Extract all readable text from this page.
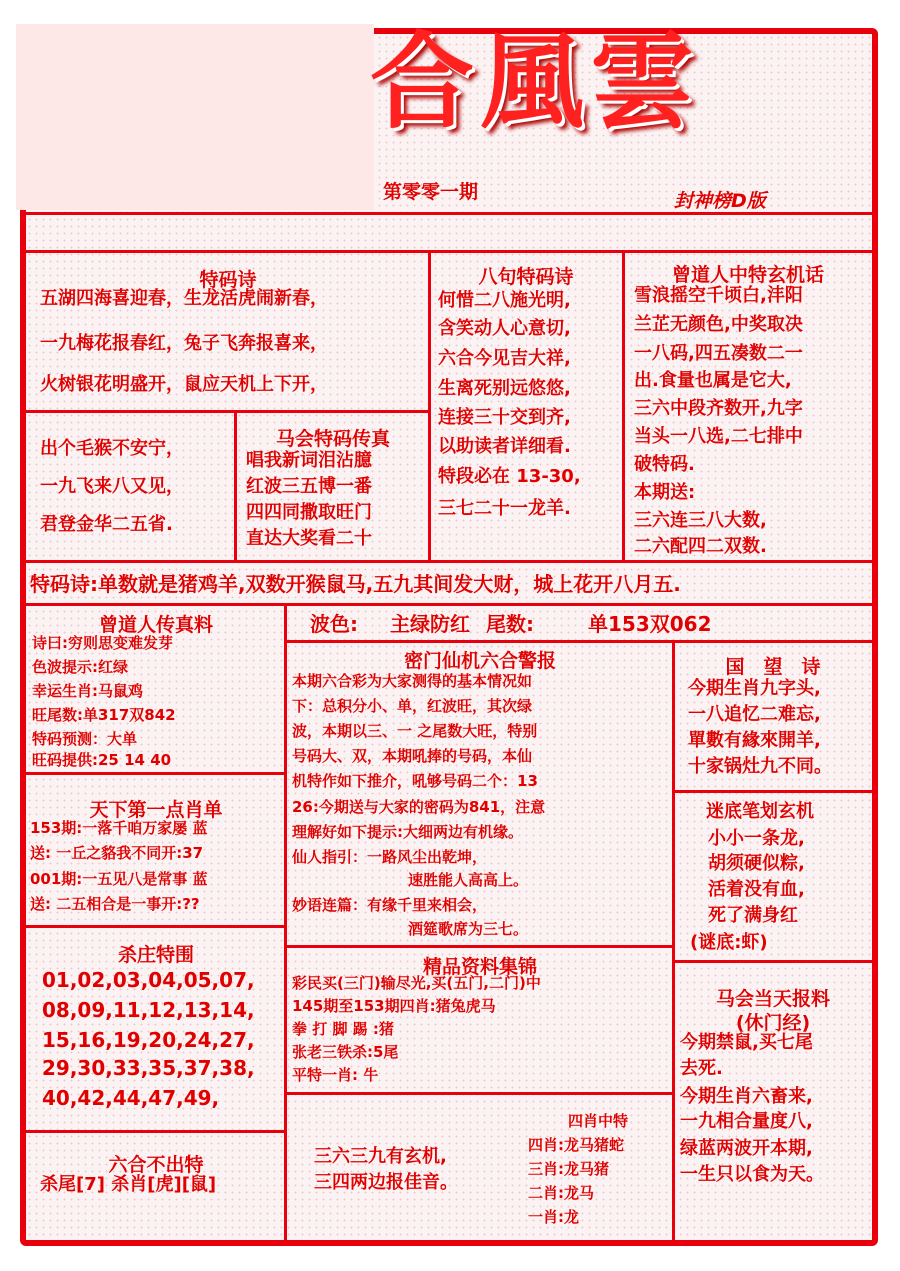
合風雲
第零零一期	封神榜D版
特码诗
五湖四海喜迎春，生龙活虎闹新春，
一九梅花报春红，兔子飞奔报喜来，
火树银花明盛开，鼠应天机上下开，
出个毛猴不安宁，
一九飞来八又见，
君登金华二五省.
马会特码传真
唱我新词泪沾臆
红波三五博一番
四四同撒取旺门
直达大奖看二十
八句特码诗
何惜二八施光明,
含笑动人心意切,
六合今见吉大祥,
生离死别远悠悠,
连接三十交到齐,
以助读者详细看.
特段必在 13-30,
三七二十一龙羊.
曾道人中特玄机话
雪浪摇空千顷白,沣阳
兰芷无颜色,中奖取决
一八码,四五凑数二一
出.食量也属是它大,
三六中段齐数开,九字
当头一八选,二七排中
破特码.
本期送:
三六连三八大数,
二六配四二双数.
特码诗:单数就是猪鸡羊,双数开猴鼠马,五九其间发大财，城上花开八月五.
曾道人传真料
诗曰:穷则思变难发芽
色波提示:红绿
幸运生肖:马鼠鸡
旺尾数:单317双842
特码预测：大单
旺码提供:25 14 40
波色: 主绿防红 尾数:	单153双062
密门仙机六合警报
本期六合彩为大家测得的基本情况如
下：总积分小、单，红波旺，其次绿
波，本期以三、一 之尾数大旺，特别
号码大、双，本期吼捧的号码，本仙
机特作如下推介，吼够号码二个：13
26:今期送与大家的密码为841，注意
理解好如下提示:大细两边有机缘。
仙人指引：一路风尘出乾坤，
速胜能人高高上。
妙语连篇：有缘千里来相会，
酒筵歌席为三七。
国　望　诗
今期生肖九字头,
一八追忆二难忘,
單數有緣來開羊,
十家锅灶九不同。
天下第一点肖单
153期:一落千咱万家屡 蓝
送: 一丘之貉我不同开:37
001期:一五见八是常事 蓝
送: 二五相合是一事开:??
迷底笔划玄机
小小一条龙,
胡须硬似粽,
活着没有血,
死了满身红
(谜底:虾)
杀庄特围
01,02,03,04,05,07,
08,09,11,12,13,14,
15,16,19,20,24,27,
29,30,33,35,37,38,
40,42,44,47,49,
精品资料集锦
彩民买(三门)输尽光,买(五门,二门)中
145期至153期四肖:猪兔虎马
拳 打 脚 踢 :猪
张老三铁杀:5尾
平特一肖: 牛
马会当天报料
(休门经)
今期禁鼠,买七尾
去死.
今期生肖六畜来,
一九相合量度八,
绿蓝两波开本期,
一生只以食为天。
六合不出特
杀尾[7] 杀肖[虎][鼠]
三六三九有玄机,
三四两边报佳音。
四肖中特
四肖:龙马猪蛇
三肖:龙马猪
二肖:龙马
一肖:龙
